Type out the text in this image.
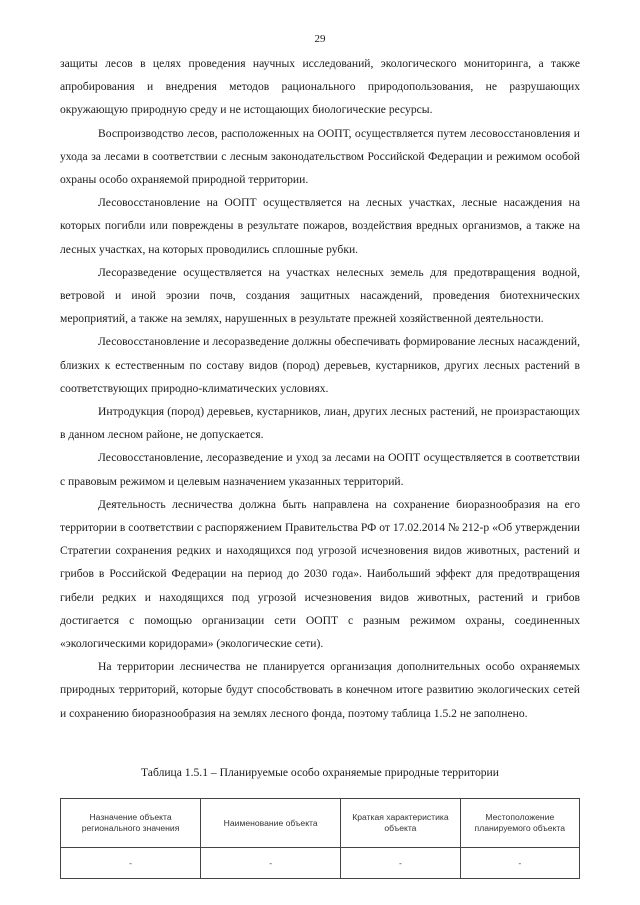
29

защиты лесов в целях проведения научных исследований, экологического мониторинга, а также апробирования и внедрения методов рационального природопользования, не разрушающих окружающую природную среду и не истощающих биологические ресурсы.

Воспроизводство лесов, расположенных на ООПТ, осуществляется путем лесовосстановления и ухода за лесами в соответствии с лесным законодательством Российской Федерации и режимом особой охраны особо охраняемой природной территории.

Лесовосстановление на ООПТ осуществляется на лесных участках, лесные насаждения на которых погибли или повреждены в результате пожаров, воздействия вредных организмов, а также на лесных участках, на которых проводились сплошные рубки.

Лесоразведение осуществляется на участках нелесных земель для предотвращения водной, ветровой и иной эрозии почв, создания защитных насаждений, проведения биотехнических мероприятий, а также на землях, нарушенных в результате прежней хозяйственной деятельности.

Лесовосстановление и лесоразведение должны обеспечивать формирование лесных насаждений, близких к естественным по составу видов (пород) деревьев, кустарников, других лесных растений в соответствующих природно-климатических условиях.

Интродукция (пород) деревьев, кустарников, лиан, других лесных растений, не произрастающих в данном лесном районе, не допускается.

Лесовосстановление, лесоразведение и уход за лесами на ООПТ осуществляется в соответствии с правовым режимом и целевым назначением указанных территорий.

Деятельность лесничества должна быть направлена на сохранение биоразнообразия на его территории в соответствии с распоряжением Правительства РФ от 17.02.2014 № 212-р «Об утверждении Стратегии сохранения редких и находящихся под угрозой исчезновения видов животных, растений и грибов в Российской Федерации на период до 2030 года». Наибольший эффект для предотвращения гибели редких и находящихся под угрозой исчезновения видов животных, растений и грибов достигается с помощью организации сети ООПТ с разным режимом охраны, соединенных «экологическими коридорами» (экологические сети).

На территории лесничества не планируется организация дополнительных особо охраняемых природных территорий, которые будут способствовать в конечном итоге развитию экологических сетей и сохранению биоразнообразия на землях лесного фонда, поэтому таблица 1.5.2 не заполнено.

Таблица 1.5.1 – Планируемые особо охраняемые природные территории
Назначение объекта регионального значения	Наименование объекта	Краткая характеристика объекта	Местоположение планируемого объекта
-	-	-	-
